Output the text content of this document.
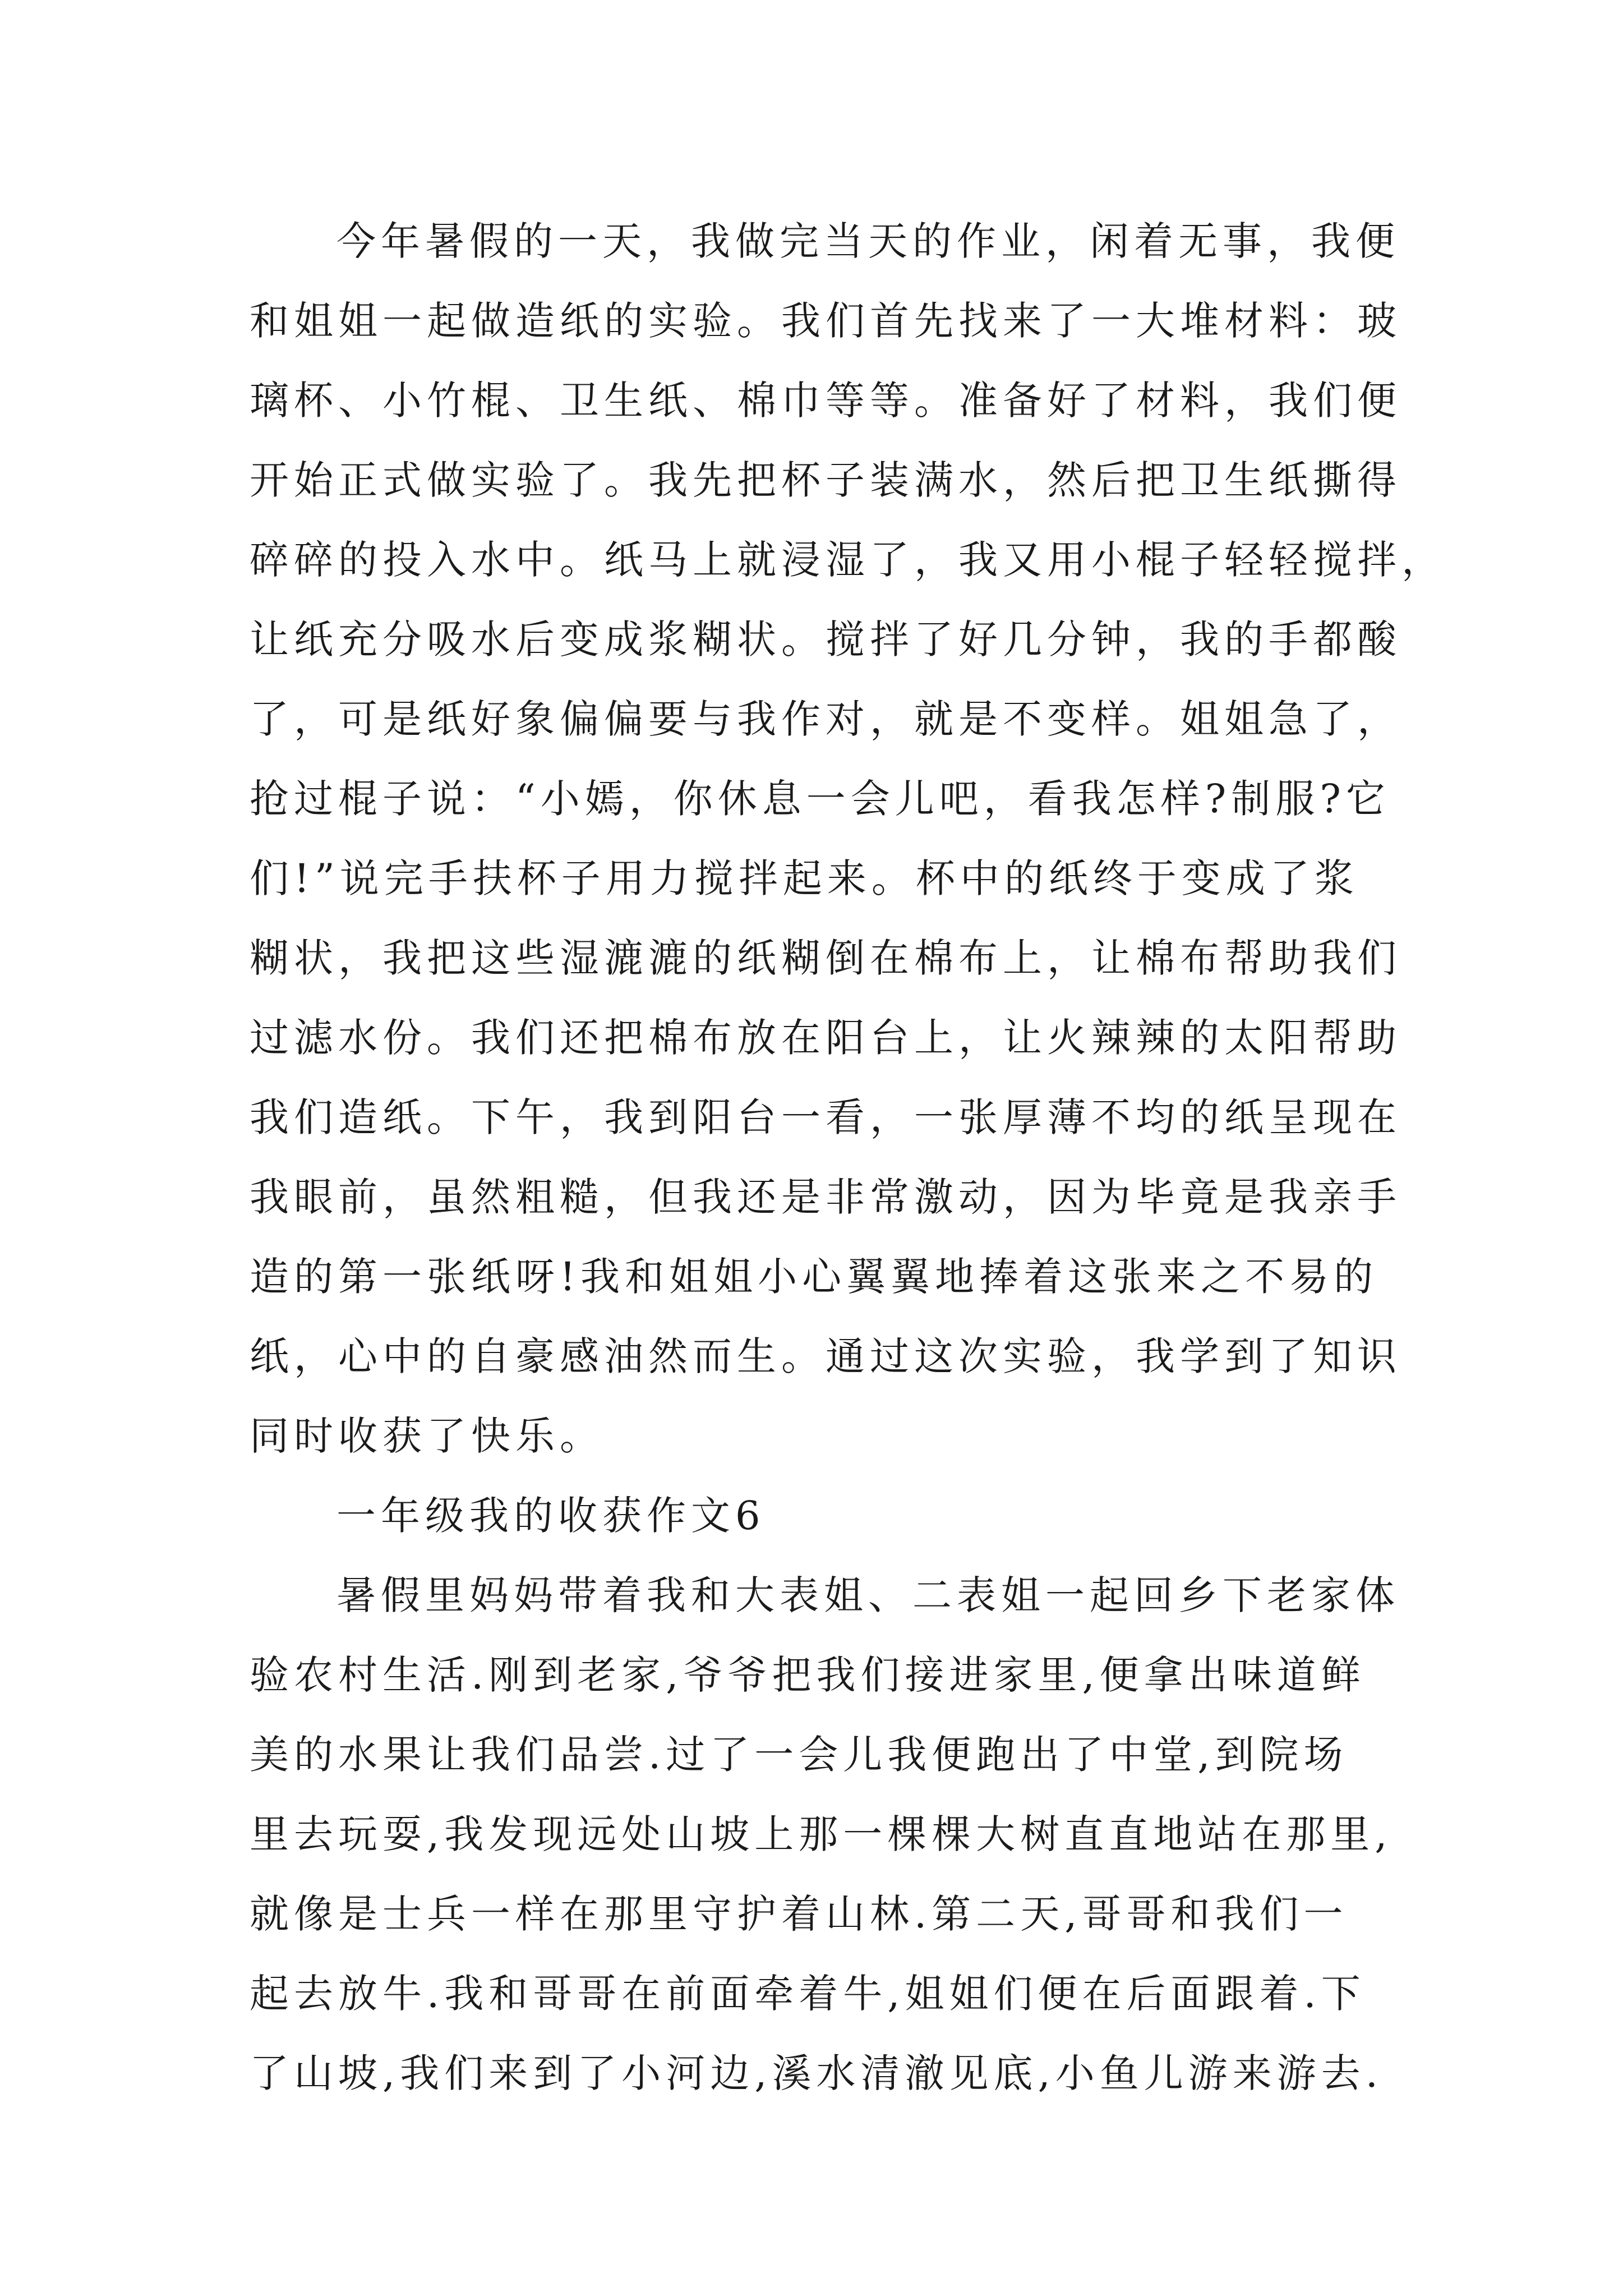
今年暑假的一天，我做完当天的作业，闲着无事，我便
和姐姐一起做造纸的实验。我们首先找来了一大堆材料：玻
璃杯、小竹棍、卫生纸、棉巾等等。准备好了材料，我们便
开始正式做实验了。我先把杯子装满水，然后把卫生纸撕得
碎碎的投入水中。纸马上就浸湿了，我又用小棍子轻轻搅拌，
让纸充分吸水后变成浆糊状。搅拌了好几分钟，我的手都酸
了，可是纸好象偏偏要与我作对，就是不变样。姐姐急了，
抢过棍子说：“小嫣，你休息一会儿吧，看我怎样?制服?它
们!”说完手扶杯子用力搅拌起来。杯中的纸终于变成了浆
糊状，我把这些湿漉漉的纸糊倒在棉布上，让棉布帮助我们
过滤水份。我们还把棉布放在阳台上，让火辣辣的太阳帮助
我们造纸。下午，我到阳台一看，一张厚薄不均的纸呈现在
我眼前，虽然粗糙，但我还是非常激动，因为毕竟是我亲手
造的第一张纸呀!我和姐姐小心翼翼地捧着这张来之不易的
纸，心中的自豪感油然而生。通过这次实验，我学到了知识
同时收获了快乐。
一年级我的收获作文6
暑假里妈妈带着我和大表姐、二表姐一起回乡下老家体
验农村生活.刚到老家,爷爷把我们接进家里,便拿出味道鲜
美的水果让我们品尝.过了一会儿我便跑出了中堂,到院场
里去玩耍,我发现远处山坡上那一棵棵大树直直地站在那里,
就像是士兵一样在那里守护着山林.第二天,哥哥和我们一
起去放牛.我和哥哥在前面牵着牛,姐姐们便在后面跟着.下
了山坡,我们来到了小河边,溪水清澈见底,小鱼儿游来游去.
